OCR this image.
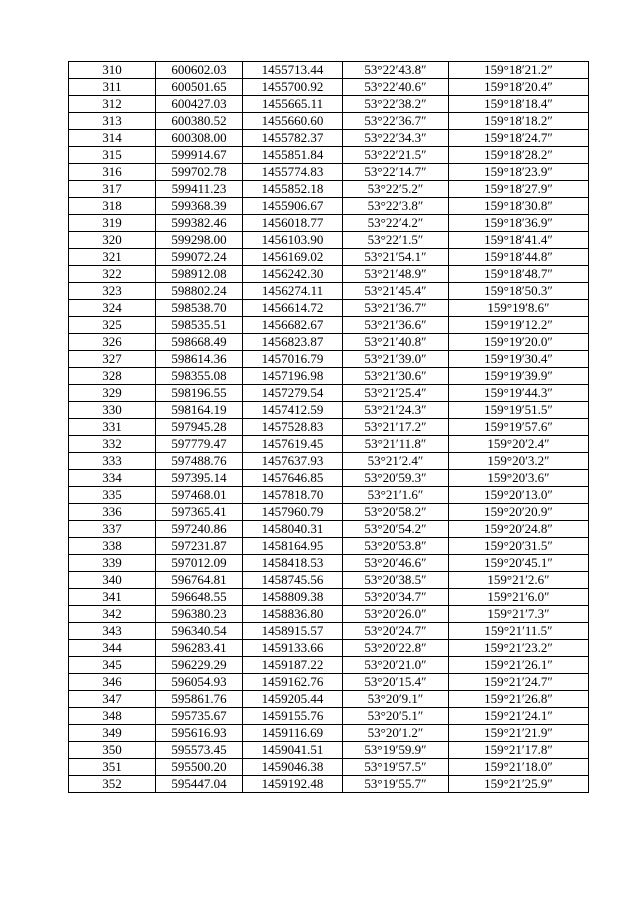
310	600602.03	1455713.44	53°22′43.8″	159°18′21.2″
311	600501.65	1455700.92	53°22′40.6″	159°18′20.4″
312	600427.03	1455665.11	53°22′38.2″	159°18′18.4″
313	600380.52	1455660.60	53°22′36.7″	159°18′18.2″
314	600308.00	1455782.37	53°22′34.3″	159°18′24.7″
315	599914.67	1455851.84	53°22′21.5″	159°18′28.2″
316	599702.78	1455774.83	53°22′14.7″	159°18′23.9″
317	599411.23	1455852.18	53°22′5.2″	159°18′27.9″
318	599368.39	1455906.67	53°22′3.8″	159°18′30.8″
319	599382.46	1456018.77	53°22′4.2″	159°18′36.9″
320	599298.00	1456103.90	53°22′1.5″	159°18′41.4″
321	599072.24	1456169.02	53°21′54.1″	159°18′44.8″
322	598912.08	1456242.30	53°21′48.9″	159°18′48.7″
323	598802.24	1456274.11	53°21′45.4″	159°18′50.3″
324	598538.70	1456614.72	53°21′36.7″	159°19′8.6″
325	598535.51	1456682.67	53°21′36.6″	159°19′12.2″
326	598668.49	1456823.87	53°21′40.8″	159°19′20.0″
327	598614.36	1457016.79	53°21′39.0″	159°19′30.4″
328	598355.08	1457196.98	53°21′30.6″	159°19′39.9″
329	598196.55	1457279.54	53°21′25.4″	159°19′44.3″
330	598164.19	1457412.59	53°21′24.3″	159°19′51.5″
331	597945.28	1457528.83	53°21′17.2″	159°19′57.6″
332	597779.47	1457619.45	53°21′11.8″	159°20′2.4″
333	597488.76	1457637.93	53°21′2.4″	159°20′3.2″
334	597395.14	1457646.85	53°20′59.3″	159°20′3.6″
335	597468.01	1457818.70	53°21′1.6″	159°20′13.0″
336	597365.41	1457960.79	53°20′58.2″	159°20′20.9″
337	597240.86	1458040.31	53°20′54.2″	159°20′24.8″
338	597231.87	1458164.95	53°20′53.8″	159°20′31.5″
339	597012.09	1458418.53	53°20′46.6″	159°20′45.1″
340	596764.81	1458745.56	53°20′38.5″	159°21′2.6″
341	596648.55	1458809.38	53°20′34.7″	159°21′6.0″
342	596380.23	1458836.80	53°20′26.0″	159°21′7.3″
343	596340.54	1458915.57	53°20′24.7″	159°21′11.5″
344	596283.41	1459133.66	53°20′22.8″	159°21′23.2″
345	596229.29	1459187.22	53°20′21.0″	159°21′26.1″
346	596054.93	1459162.76	53°20′15.4″	159°21′24.7″
347	595861.76	1459205.44	53°20′9.1″	159°21′26.8″
348	595735.67	1459155.76	53°20′5.1″	159°21′24.1″
349	595616.93	1459116.69	53°20′1.2″	159°21′21.9″
350	595573.45	1459041.51	53°19′59.9″	159°21′17.8″
351	595500.20	1459046.38	53°19′57.5″	159°21′18.0″
352	595447.04	1459192.48	53°19′55.7″	159°21′25.9″
